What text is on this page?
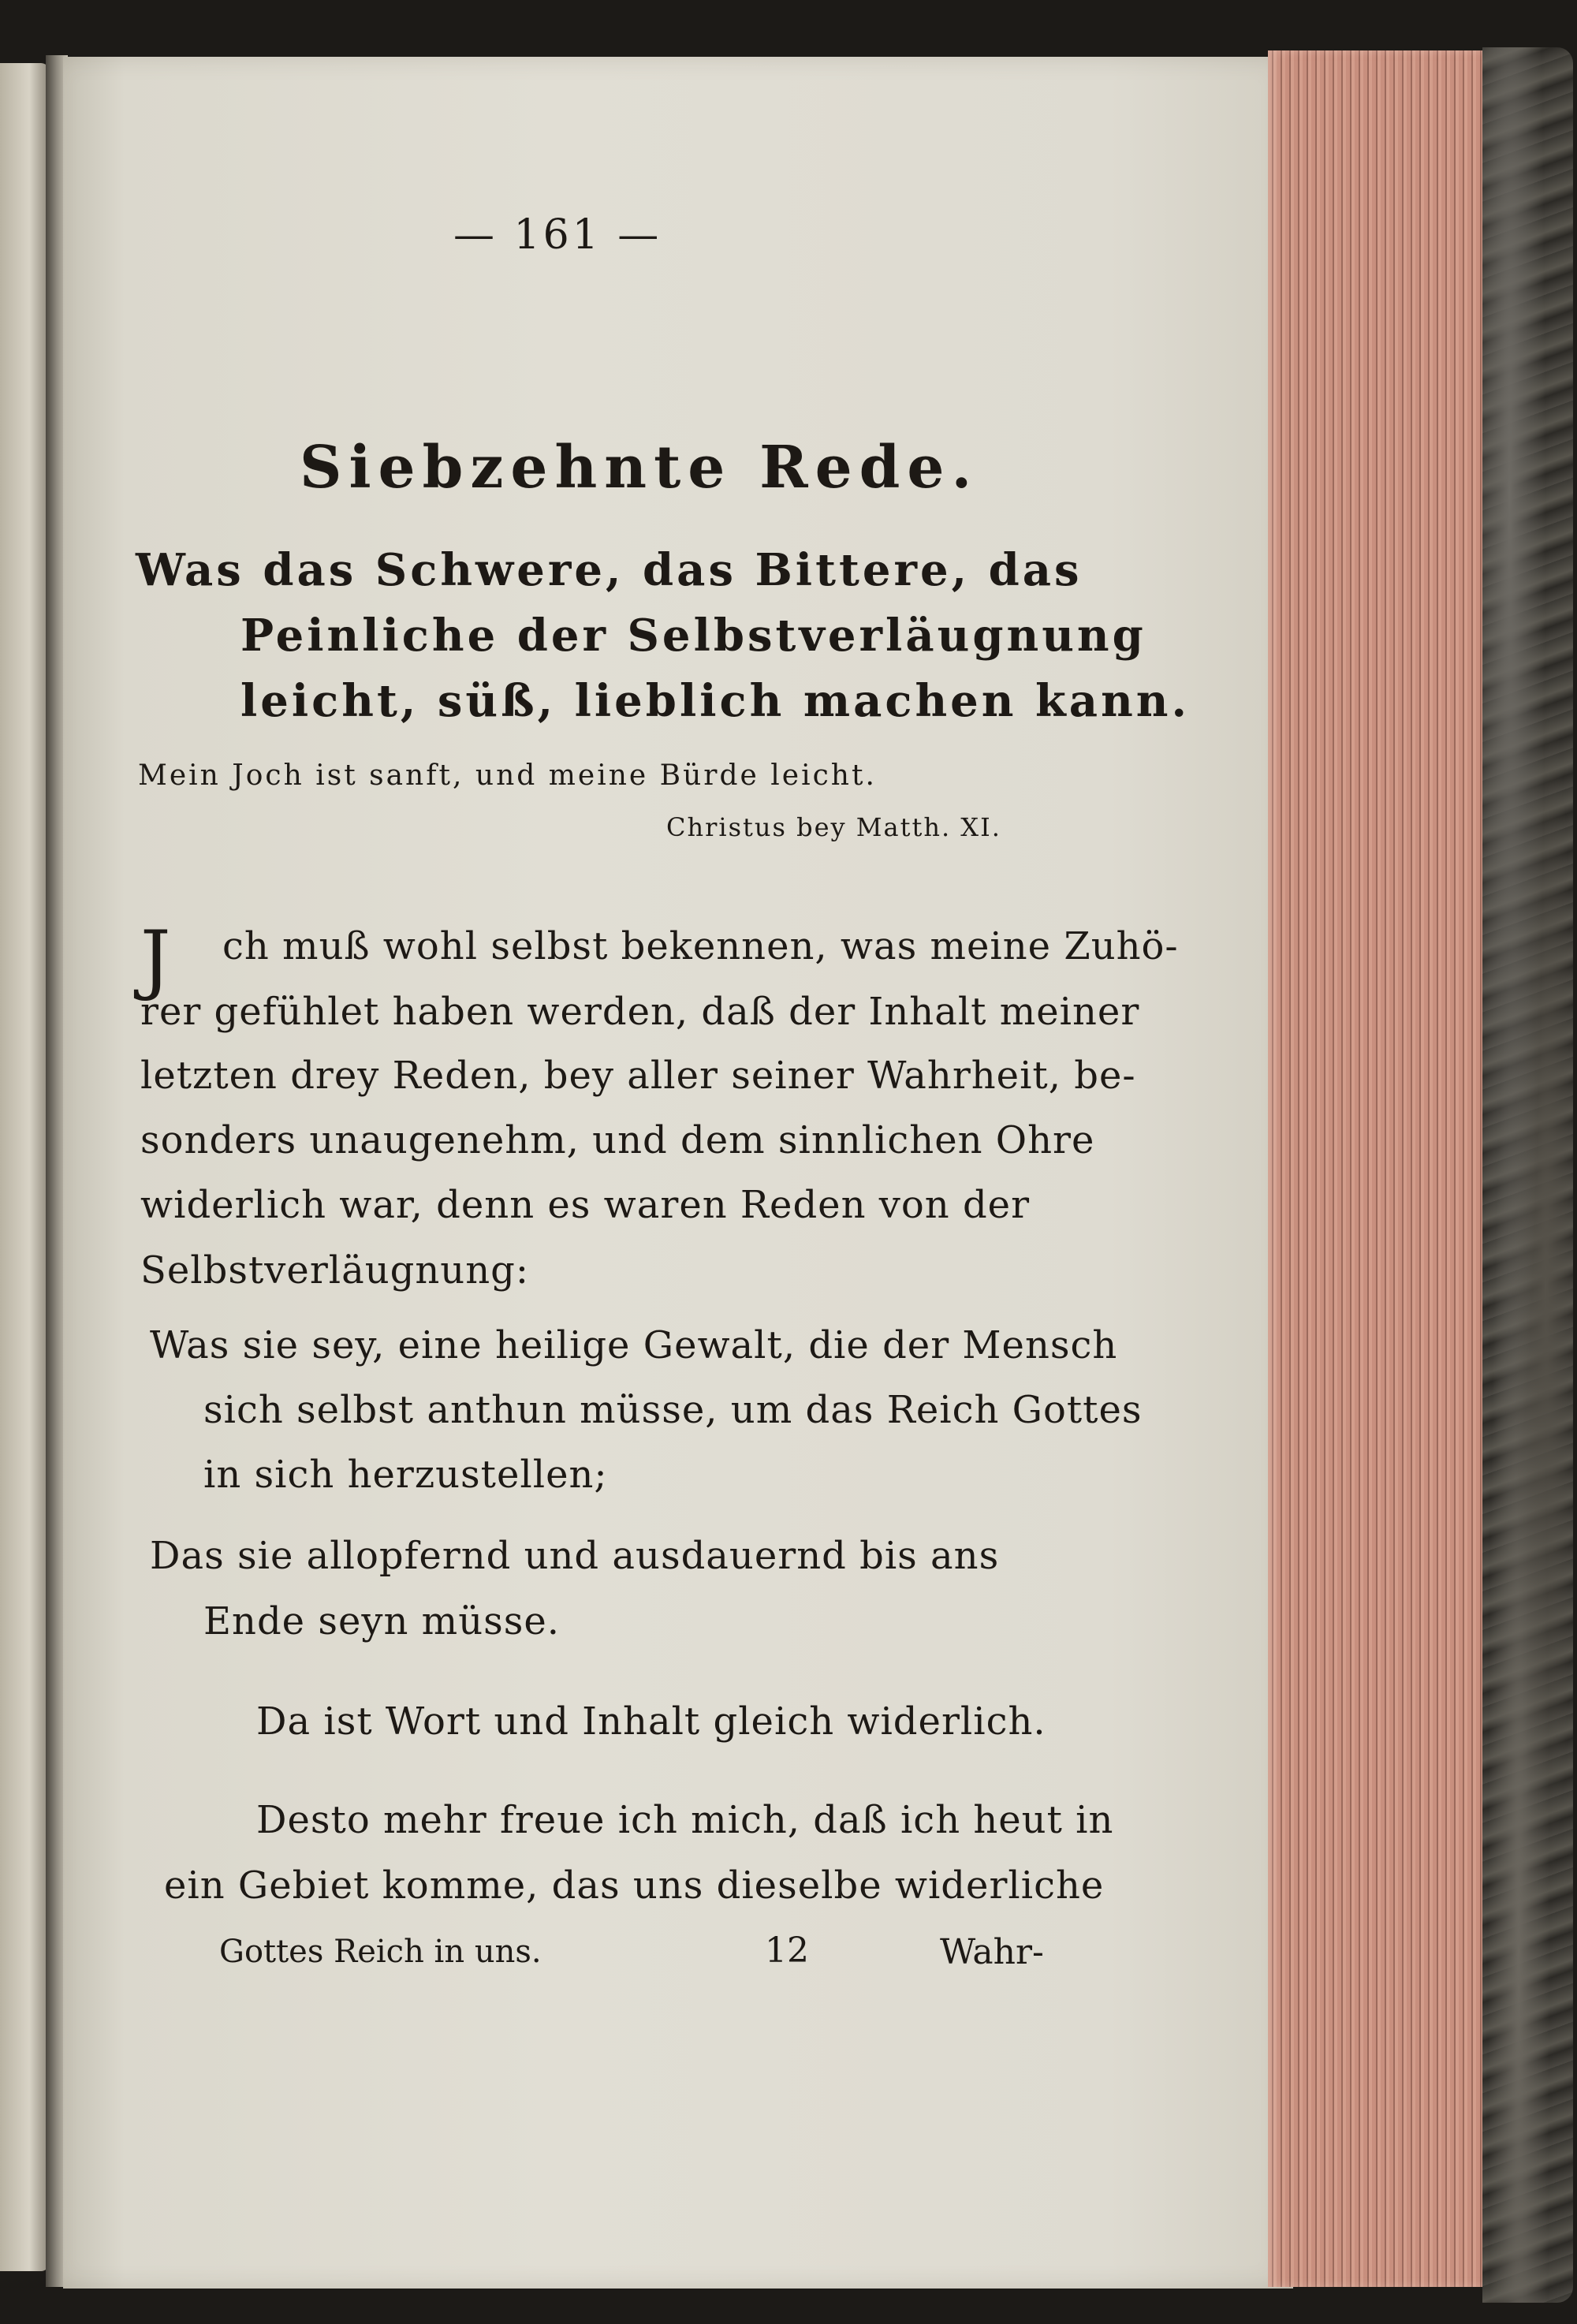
— 161 —
Siebzehnte Rede.
Was das Schwere, das Bittere, das
Peinliche der Selbstverläugnung
leicht, süß, lieblich machen kann.
Mein Joch ist sanft, und meine Bürde leicht.
Christus bey Matth. XI.
J ch muß wohl selbst bekennen, was meine Zuhö-
rer gefühlet haben werden, daß der Inhalt meiner
letzten drey Reden, bey aller seiner Wahrheit, be-
sonders unaugenehm, und dem sinnlichen Ohre
widerlich war, denn es waren Reden von der
Selbstverläugnung:
Was sie sey, eine heilige Gewalt, die der Mensch
sich selbst anthun müsse, um das Reich Gottes
in sich herzustellen;
Das sie allopfernd und ausdauernd bis ans
Ende seyn müsse.
Da ist Wort und Inhalt gleich widerlich.
Desto mehr freue ich mich, daß ich heut in
ein Gebiet komme, das uns dieselbe widerliche
Gottes Reich in uns.	12	Wahr-
